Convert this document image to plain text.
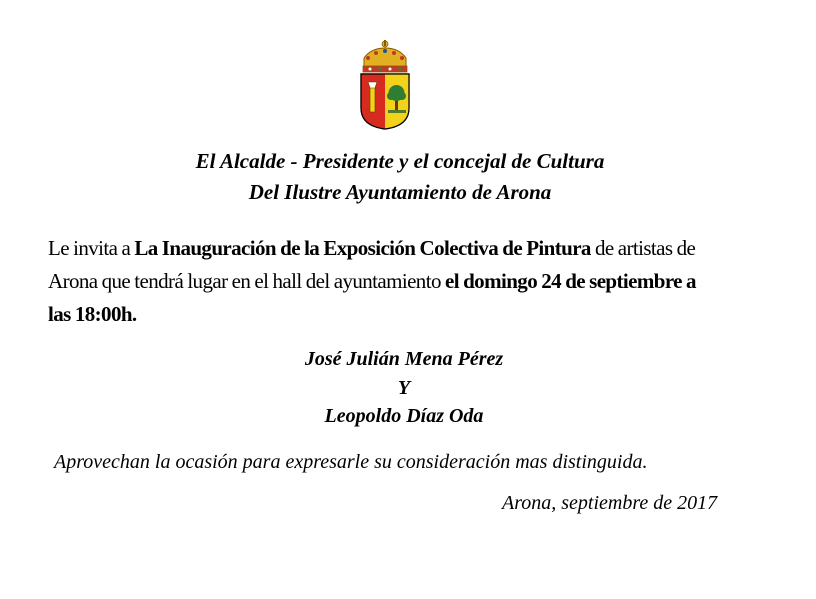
El Alcalde - Presidente y el concejal de Cultura
Del Ilustre Ayuntamiento de Arona
Le invita a La Inauguración de la Exposición Colectiva de Pintura de artistas de
Arona que tendrá lugar en el hall del ayuntamiento el domingo 24 de septiembre a
las 18:00h.
José Julián Mena Pérez
Y
Leopoldo Díaz Oda
Aprovechan la ocasión para expresarle su consideración mas distinguida.
Arona, septiembre de 2017
